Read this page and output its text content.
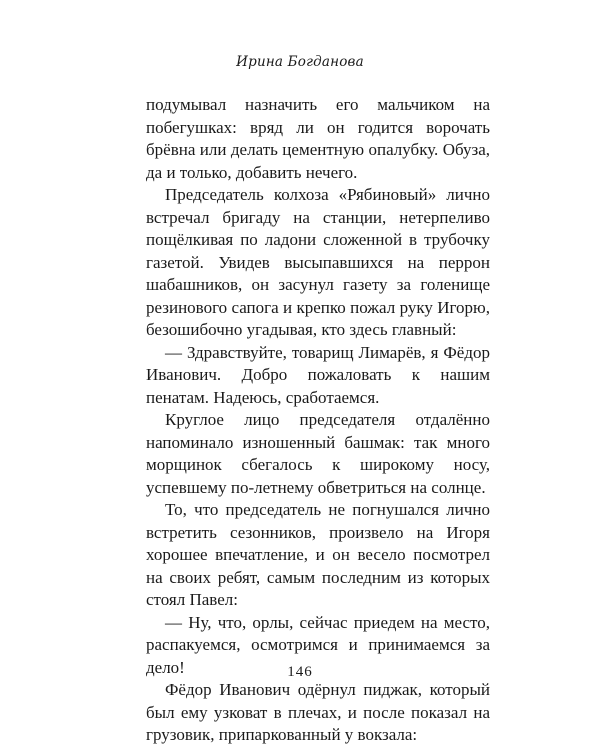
Ирина Богданова

подумывал назначить его мальчиком на побегушках: вряд ли он годится ворочать брёвна или делать цементную опалубку. Обуза, да и только, добавить нечего.

Председатель колхоза «Рябиновый» лично встречал бригаду на станции, нетерпеливо пощёлкивая по ладони сложенной в трубочку газетой. Увидев высыпавшихся на перрон шабашников, он засунул газету за голенище резинового сапога и крепко пожал руку Игорю, безошибочно угадывая, кто здесь главный:

— Здравствуйте, товарищ Лимарёв, я Фёдор Иванович. Добро пожаловать к нашим пенатам. Надеюсь, сработаемся.

Круглое лицо председателя отдалённо напоминало изношенный башмак: так много морщинок сбегалось к широкому носу, успевшему по-летнему обветриться на солнце.

То, что председатель не погнушался лично встретить сезонников, произвело на Игоря хорошее впечатление, и он весело посмотрел на своих ребят, самым последним из которых стоял Павел:

— Ну, что, орлы, сейчас приедем на место, распакуемся, осмотримся и принимаемся за дело!

Фёдор Иванович одёрнул пиджак, который был ему узковат в плечах, и после показал на грузовик, припаркованный у вокзала:

146
